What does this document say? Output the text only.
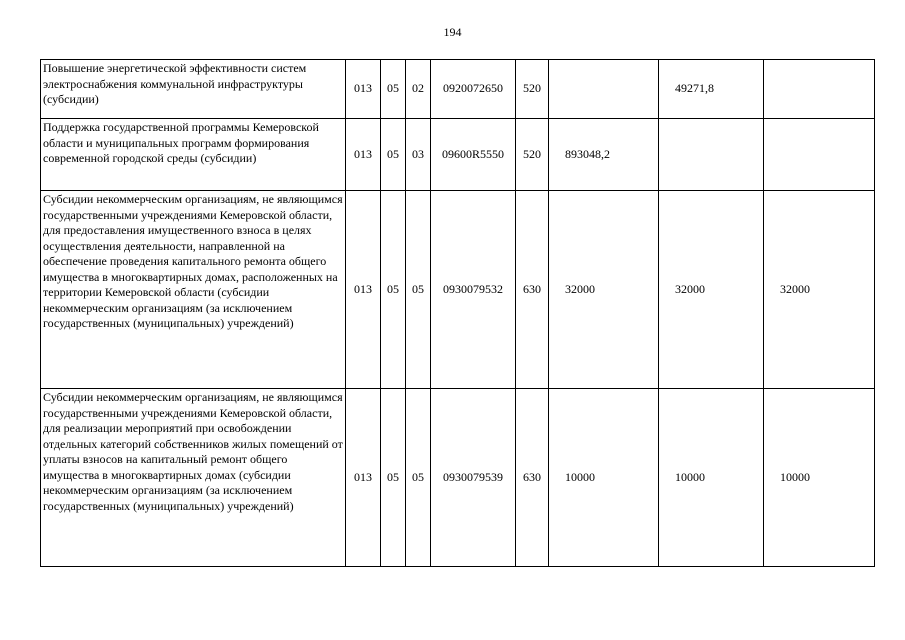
194
Повышение энергетической эффективности систем электроснабжения коммунальной инфраструктуры (субсидии)	013	05	02	0920072650	520		49271,8	
Поддержка государственной программы Кемеровской области и муниципальных программ формирования современной городской среды (субсидии)	013	05	03	09600R5550	520	893048,2		
Субсидии некоммерческим организациям, не являющимся государственными учреждениями Кемеровской области, для предоставления имущественного взноса в целях осуществления деятельности, направленной на обеспечение проведения капитального ремонта общего имущества в многоквартирных домах, расположенных на территории Кемеровской области (субсидии некоммерческим организациям (за исключением государственных (муниципальных) учреждений)	013	05	05	0930079532	630	32000	32000	32000
Субсидии некоммерческим организациям, не являющимся государственными учреждениями Кемеровской области, для реализации мероприятий при освобождении отдельных категорий собственников жилых помещений от уплаты взносов на капитальный ремонт общего имущества в многоквартирных домах (субсидии некоммерческим организациям (за исключением государственных (муниципальных) учреждений)	013	05	05	0930079539	630	10000	10000	10000
